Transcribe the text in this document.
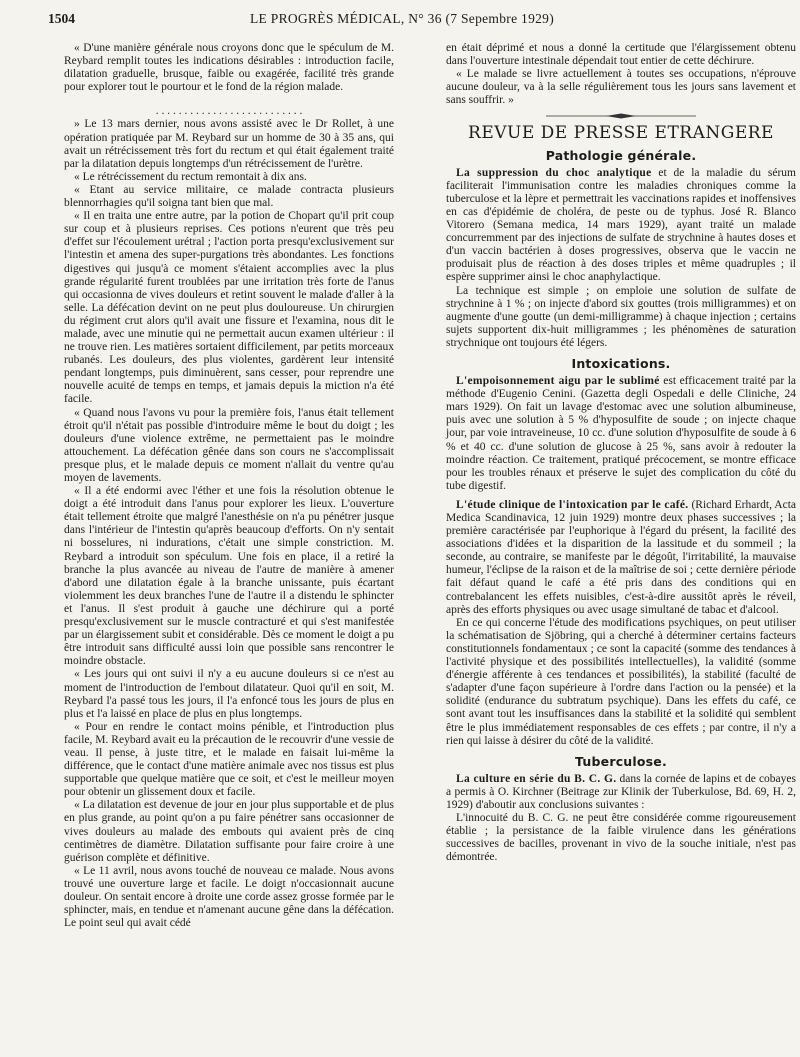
1504	LE PROGRÈS MÉDICAL, N° 36 (7 Sepembre 1929)

« D'une manière générale nous croyons donc que le spéculum de M. Reybard remplit toutes les indications désirables : introduction facile, dilatation graduelle, brusque, faible ou exagérée, facilité très grande pour explorer tout le pourtour et le fond de la région malade.

. . . . . . . . . . . . . . . . . . . . . . . . . .

» Le 13 mars dernier, nous avons assisté avec le Dr Rollet, à une opération pratiquée par M. Reybard sur un homme de 30 à 35 ans, qui avait un rétrécissement très fort du rectum et qui était également traité par la dilatation depuis longtemps d'un rétrécissement de l'urètre.

« Le rétrécissement du rectum remontait à dix ans.

« Etant au service militaire, ce malade contracta plusieurs blennorrhagies qu'il soigna tant bien que mal.

« Il en traita une entre autre, par la potion de Chopart qu'il prit coup sur coup et à plusieurs reprises. Ces potions n'eurent que très peu d'effet sur l'écoulement urétral ; l'action porta presqu'exclusivement sur l'intestin et amena des super-purgations très abondantes. Les fonctions digestives qui jusqu'à ce moment s'étaient accomplies avec la plus grande régularité furent troublées par une irritation très forte de l'anus qui occasionna de vives douleurs et retint souvent le malade d'aller à la selle. La défécation devint on ne peut plus douloureuse. Un chirurgien du régiment crut alors qu'il avait une fissure et l'examina, nous dit le malade, avec une minutie qui ne permettait aucun examen ultérieur : il ne trouve rien. Les matières sortaient difficilement, par petits morceaux rubanés. Les douleurs, des plus violentes, gardèrent leur intensité pendant longtemps, puis diminuèrent, sans cesser, pour reprendre une nouvelle acuité de temps en temps, et jamais depuis la miction n'a été facile.

« Quand nous l'avons vu pour la première fois, l'anus était tellement étroit qu'il n'était pas possible d'introduire même le bout du doigt ; les douleurs d'une violence extrême, ne permettaient pas le moindre attouchement. La défécation gênée dans son cours ne s'accomplissait presque plus, et le malade depuis ce moment n'allait du ventre qu'au moyen de lavements.

« Il a été endormi avec l'éther et une fois la résolution obtenue le doigt a été introduit dans l'anus pour explorer les lieux. L'ouverture était tellement étroite que malgré l'anesthésie on n'a pu pénétrer jusque dans l'intérieur de l'intestin qu'après beaucoup d'efforts. On n'y sentait ni bosselures, ni indurations, c'était une simple constriction. M. Reybard a introduit son spéculum. Une fois en place, il a retiré la branche la plus avancée au niveau de l'autre de manière à amener d'abord une dilatation égale à la branche unissante, puis écartant violemment les deux branches l'une de l'autre il a distendu le sphincter et l'anus. Il s'est produit à gauche une déchirure qui a porté presqu'exclusivement sur le muscle contracturé et qui s'est manifestée par un élargissement subit et considérable. Dès ce moment le doigt a pu être introduit sans difficulté aussi loin que possible sans rencontrer le moindre obstacle.

« Les jours qui ont suivi il n'y a eu aucune douleurs si ce n'est au moment de l'introduction de l'embout dilatateur. Quoi qu'il en soit, M. Reybard l'a passé tous les jours, il l'a enfoncé tous les jours de plus en plus et l'a laissé en place de plus en plus longtemps.

« Pour en rendre le contact moins pénible, et l'introduction plus facile, M. Reybard avait eu la précaution de le recouvrir d'une vessie de veau. Il pense, à juste titre, et le malade en faisait lui-même la différence, que le contact d'une matière animale avec nos tissus est plus supportable que quelque matière que ce soit, et c'est le meilleur moyen pour obtenir un glissement doux et facile.

« La dilatation est devenue de jour en jour plus supportable et de plus en plus grande, au point qu'on a pu faire pénétrer sans occasionner de vives douleurs au malade des embouts qui avaient près de cinq centimètres de diamètre. Dilatation suffisante pour faire croire à une guérison complète et définitive.

« Le 11 avril, nous avons touché de nouveau ce malade. Nous avons trouvé une ouverture large et facile. Le doigt n'occasionnait aucune douleur. On sentait encore à droite une corde assez grosse formée par le sphincter, mais, en tendue et n'amenant aucune gêne dans la défécation. Le point seul qui avait cédé

en était déprimé et nous a donné la certitude que l'élargissement obtenu dans l'ouverture intestinale dépendait tout entier de cette déchirure.

« Le malade se livre actuellement à toutes ses occupations, n'éprouve aucune douleur, va à la selle régulièrement tous les jours sans lavement et sans souffrir. »

REVUE DE PRESSE ETRANGERE
Pathologie générale.

La suppression du choc analytique et de la maladie du sérum faciliterait l'immunisation contre les maladies chroniques comme la tuberculose et la lèpre et permettrait les vaccinations rapides et inoffensives en cas d'épidémie de choléra, de peste ou de typhus. José R. Blanco Vitorero (Semana medica, 14 mars 1929), ayant traité un malade concurremment par des injections de sulfate de strychnine à hautes doses et d'un vaccin bactérien à doses progressives, observa que le vaccin ne produisait plus de réaction à des doses triples et même quadruples ; il espère supprimer ainsi le choc anaphylactique.

La technique est simple ; on emploie une solution de sulfate de strychnine à 1 % ; on injecte d'abord six gouttes (trois milligrammes) et on augmente d'une goutte (un demi-milligramme) à chaque injection ; certains sujets supportent dix-huit milligrammes ; les phénomènes de saturation strychnique ont toujours été légers.

Intoxications.

L'empoisonnement aigu par le sublimé est efficacement traité par la méthode d'Eugenio Cenini. (Gazetta degli Ospedali e delle Cliniche, 24 mars 1929). On fait un lavage d'estomac avec une solution albumineuse, puis avec une solution à 5 % d'hyposulfite de soude ; on injecte chaque jour, par voie intraveineuse, 10 cc. d'une solution d'hyposulfite de soude à 6 % et 40 cc. d'une solution de glucose à 25 %, sans avoir à redouter la moindre réaction. Ce traitement, pratiqué précocement, se montre efficace pour les troubles rénaux et préserve le sujet des complication du côté du tube digestif.

L'étude clinique de l'intoxication par le café. (Richard Erhardt, Acta Medica Scandinavica, 12 juin 1929) montre deux phases successives ; la première caractérisée par l'euphorique à l'égard du présent, la facilité des associations d'idées et la disparition de la lassitude et du sommeil ; la seconde, au contraire, se manifeste par le dégoût, l'irritabilité, la mauvaise humeur, l'éclipse de la raison et de la maîtrise de soi ; cette dernière période fait défaut quand le café a été pris dans des conditions qui en contrebalancent les effets nuisibles, c'est-à-dire aussitôt après le réveil, après des efforts physiques ou avec usage simultané de tabac et d'alcool.

En ce qui concerne l'étude des modifications psychiques, on peut utiliser la schématisation de Sjöbring, qui a cherché à déterminer certains facteurs constitutionnels fondamentaux ; ce sont la capacité (somme des tendances à l'activité physique et des possibilités intellectuelles), la validité (somme d'énergie afférente à ces tendances et possibilités), la stabilité (faculté de s'adapter d'une façon supérieure à l'ordre dans l'action ou la pensée) et la solidité (endurance du subtratum psychique). Dans les effets du café, ce sont avant tout les insuffisances dans la stabilité et la solidité qui semblent être le plus immédiatement responsables de ces effets ; par contre, il n'y a rien qui laisse à désirer du côté de la validité.

Tuberculose.

La culture en série du B. C. G. dans la cornée de lapins et de cobayes a permis à O. Kirchner (Beitrage zur Klinik der Tuberkulose, Bd. 69, H. 2, 1929) d'aboutir aux conclusions suivantes :

L'innocuité du B. C. G. ne peut être considérée comme rigoureusement établie ; la persistance de la faible virulence dans les générations successives de bacilles, provenant in vivo de la souche initiale, n'est pas démontrée.
